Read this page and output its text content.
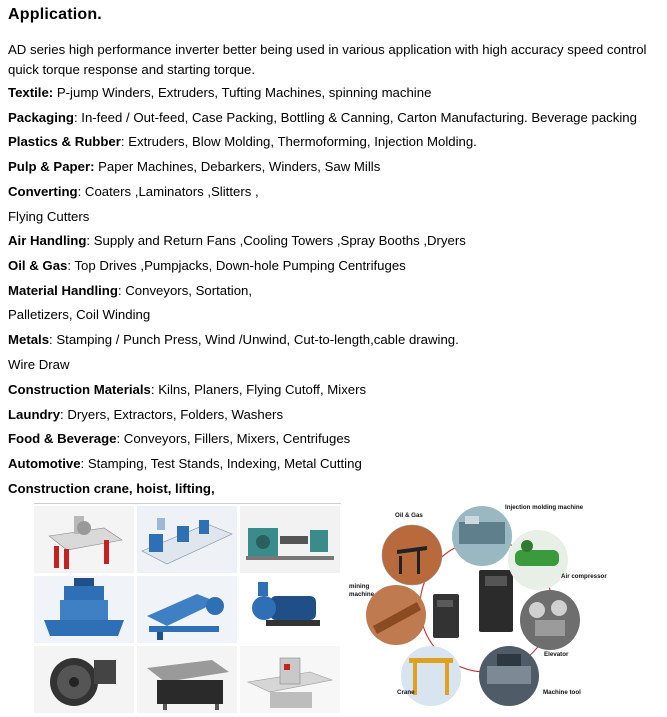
Application.
AD series high performance inverter better being used in various application with high accuracy speed control quick torque response and starting torque.
Textile: P-jump Winders, Extruders, Tufting Machines, spinning machine
Packaging: In-feed / Out-feed, Case Packing, Bottling & Canning, Carton Manufacturing. Beverage packing
Plastics & Rubber: Extruders, Blow Molding, Thermoforming, Injection Molding.
Pulp & Paper: Paper Machines, Debarkers, Winders, Saw Mills
Converting: Coaters ,Laminators ,Slitters ,
Flying Cutters
Air Handling: Supply and Return Fans ,Cooling Towers ,Spray Booths ,Dryers
Oil & Gas: Top Drives ,Pumpjacks, Down-hole Pumping Centrifuges
Material Handling: Conveyors, Sortation,
Palletizers, Coil Winding
Metals: Stamping / Punch Press, Wind /Unwind, Cut-to-length,cable drawing.
Wire Draw
Construction Materials: Kilns, Planers, Flying Cutoff, Mixers
Laundry: Dryers, Extractors, Folders, Washers
Food & Beverage: Conveyors, Fillers, Mixers, Centrifuges
Automotive: Stamping, Test Stands, Indexing, Metal Cutting
Construction crane, hoist, lifting,
Oil & Gas
Injection molding machine
Air compressor
mining
machine
Elevator
Crane	Machine tool
